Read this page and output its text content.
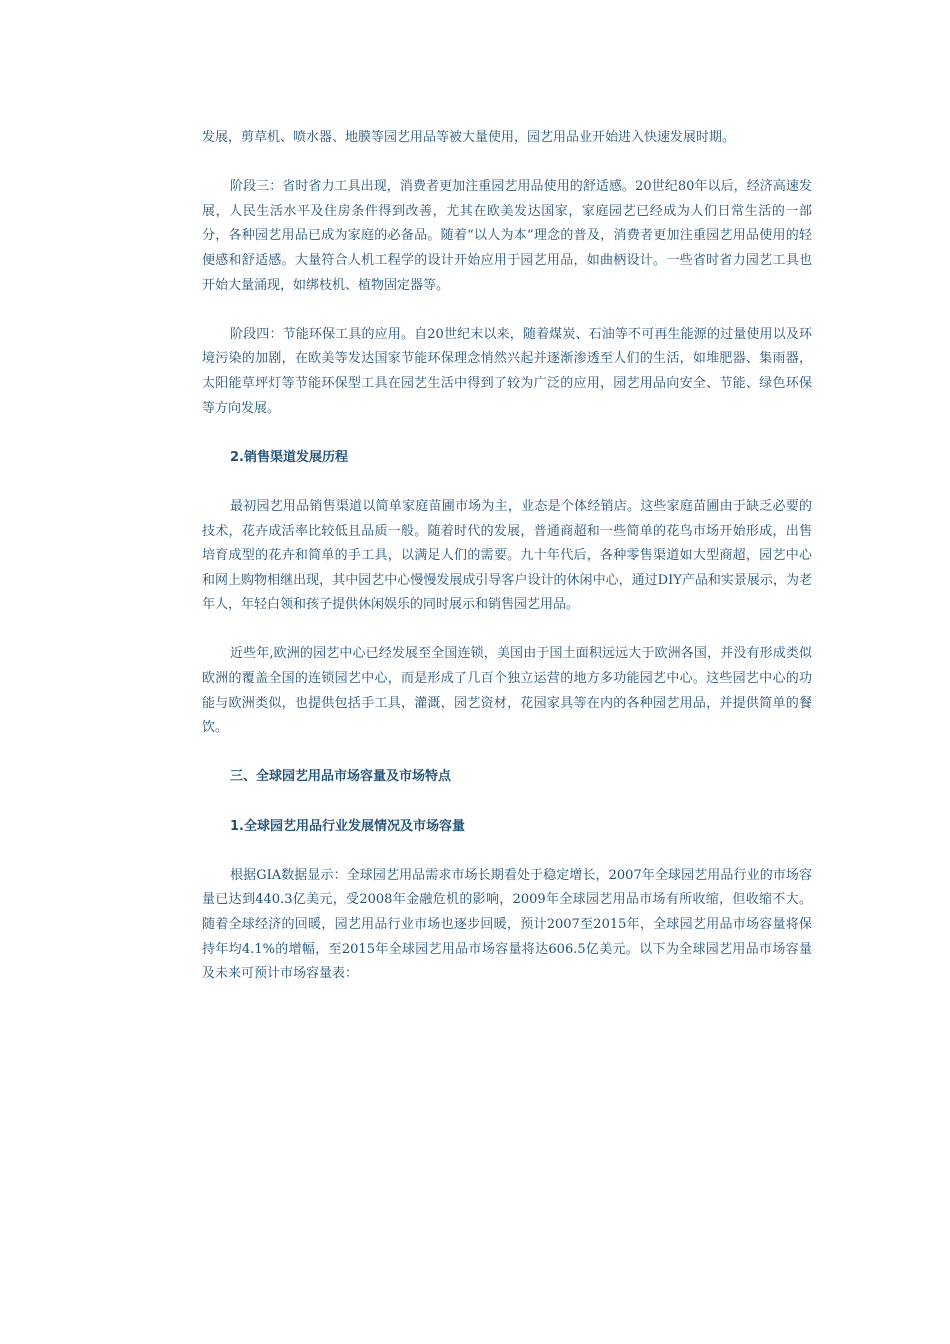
发展，剪草机、喷水器、地膜等园艺用品等被大量使用，园艺用品业开始进入快速发展时期。

阶段三：省时省力工具出现，消费者更加注重园艺用品使用的舒适感。20世纪80年以后，经济高速发展，人民生活水平及住房条件得到改善，尤其在欧美发达国家，家庭园艺已经成为人们日常生活的一部分，各种园艺用品已成为家庭的必备品。随着“以人为本”理念的普及，消费者更加注重园艺用品使用的轻便感和舒适感。大量符合人机工程学的设计开始应用于园艺用品，如曲柄设计。一些省时省力园艺工具也开始大量涌现，如绑枝机、植物固定器等。

阶段四：节能环保工具的应用。自20世纪末以来，随着煤炭、石油等不可再生能源的过量使用以及环境污染的加剧，在欧美等发达国家节能环保理念悄然兴起并逐渐渗透至人们的生活，如堆肥器、集雨器，太阳能草坪灯等节能环保型工具在园艺生活中得到了较为广泛的应用，园艺用品向安全、节能、绿色环保等方向发展。

2.销售渠道发展历程

最初园艺用品销售渠道以简单家庭苗圃市场为主，业态是个体经销店。这些家庭苗圃由于缺乏必要的技术，花卉成活率比较低且品质一般。随着时代的发展，普通商超和一些简单的花鸟市场开始形成，出售培育成型的花卉和简单的手工具，以满足人们的需要。九十年代后，各种零售渠道如大型商超，园艺中心和网上购物相继出现，其中园艺中心慢慢发展成引导客户设计的休闲中心，通过DIY产品和实景展示，为老年人，年轻白领和孩子提供休闲娱乐的同时展示和销售园艺用品。

近些年,欧洲的园艺中心已经发展至全国连锁，美国由于国土面积远远大于欧洲各国，并没有形成类似欧洲的覆盖全国的连锁园艺中心，而是形成了几百个独立运营的地方多功能园艺中心。这些园艺中心的功能与欧洲类似，也提供包括手工具，灌溉，园艺资材，花园家具等在内的各种园艺用品，并提供简单的餐饮。

三、全球园艺用品市场容量及市场特点
1.全球园艺用品行业发展情况及市场容量

根据GIA数据显示：全球园艺用品需求市场长期看处于稳定增长，2007年全球园艺用品行业的市场容量已达到440.3亿美元，受2008年金融危机的影响，2009年全球园艺用品市场有所收缩，但收缩不大。随着全球经济的回暖，园艺用品行业市场也逐步回暖，预计2007至2015年，全球园艺用品市场容量将保持年均4.1%的增幅，至2015年全球园艺用品市场容量将达606.5亿美元。以下为全球园艺用品市场容量及未来可预计市场容量表：
